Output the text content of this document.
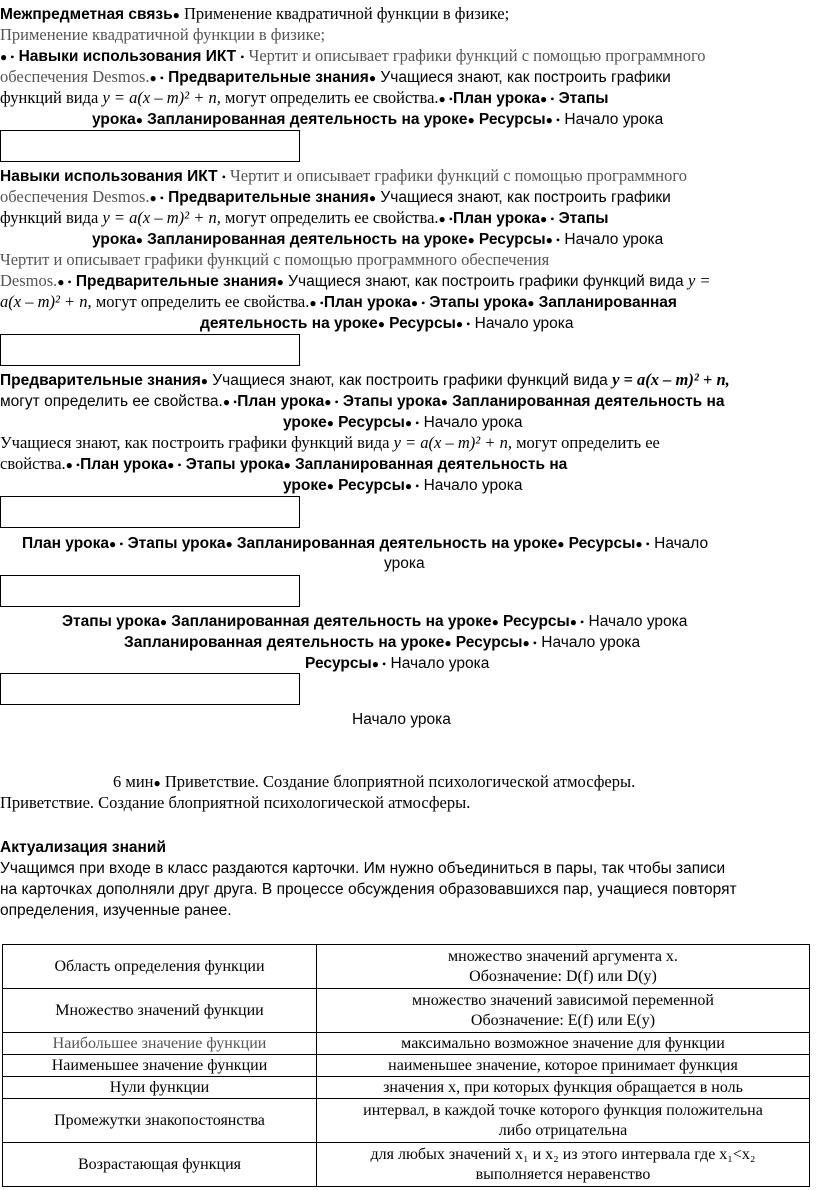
Межпредметная связь● Применение квадратичной функции в физике;
Применение квадратичной функции в физике;
● • Навыки использования ИКТ • Чертит и описывает графики функций с помощью программного
обеспечения Desmos.● • Предварительные знания● Учащиеся знают, как построить графики
функций вида y = a(x – m)² + n, могут определить ее свойства.● •План урока● • Этапы
урока● Запланированная деятельность на уроке● Ресурсы● • Начало урока
Навыки использования ИКТ • Чертит и описывает графики функций с помощью программного
обеспечения Desmos.● • Предварительные знания● Учащиеся знают, как построить графики
функций вида y = a(x – m)² + n, могут определить ее свойства.● •План урока● • Этапы
урока● Запланированная деятельность на уроке● Ресурсы● • Начало урока
Чертит и описывает графики функций с помощью программного обеспечения
Desmos.● • Предварительные знания● Учащиеся знают, как построить графики функций вида y =
a(x – m)² + n, могут определить ее свойства.● •План урока● • Этапы урока● Запланированная
деятельность на уроке● Ресурсы● • Начало урока
Предварительные знания● Учащиеся знают, как построить графики функций вида y = a(x – m)² + n,
могут определить ее свойства.● •План урока● • Этапы урока● Запланированная деятельность на
уроке● Ресурсы● • Начало урока
Учащиеся знают, как построить графики функций вида y = a(x – m)² + n, могут определить ее
свойства.● •План урока● • Этапы урока● Запланированная деятельность на
уроке● Ресурсы● • Начало урока
План урока● • Этапы урока● Запланированная деятельность на уроке● Ресурсы● • Начало
урока
Этапы урока● Запланированная деятельность на уроке● Ресурсы● • Начало урока
Запланированная деятельность на уроке● Ресурсы● • Начало урока
Ресурсы● • Начало урока
Начало урока
6 мин● Приветствие. Создание блоприятной психологической атмосферы.
Приветствие. Создание блоприятной психологической атмосферы.
Актуализация знаний
Учащимся при входе в класс раздаются карточки. Им нужно объединиться в пары, так чтобы записи
на карточках дополняли друг друга. В процессе обсуждения образовавшихся пар, учащиеся повторят
определения, изученные ранее.
Область определения функции	множество значений аргумента x.
Обозначение: D(f) или D(y)

Множество значений функции	множество значений зависимой переменной
Обозначение: E(f) или E(y)

Наибольшее значение функции	максимально возможное значение для функции

Наименьшее значение функции	наименьшее значение, которое принимает функция

Нули функции	значения x, при которых функция обращается в ноль

Промежутки знакопостоянства	интервал, в каждой точке которого функция положительна
либо отрицательна

Возрастающая функция	для любых значений x₁ и x₂ из этого интервала где x₁<x₂
выполняется неравенство
